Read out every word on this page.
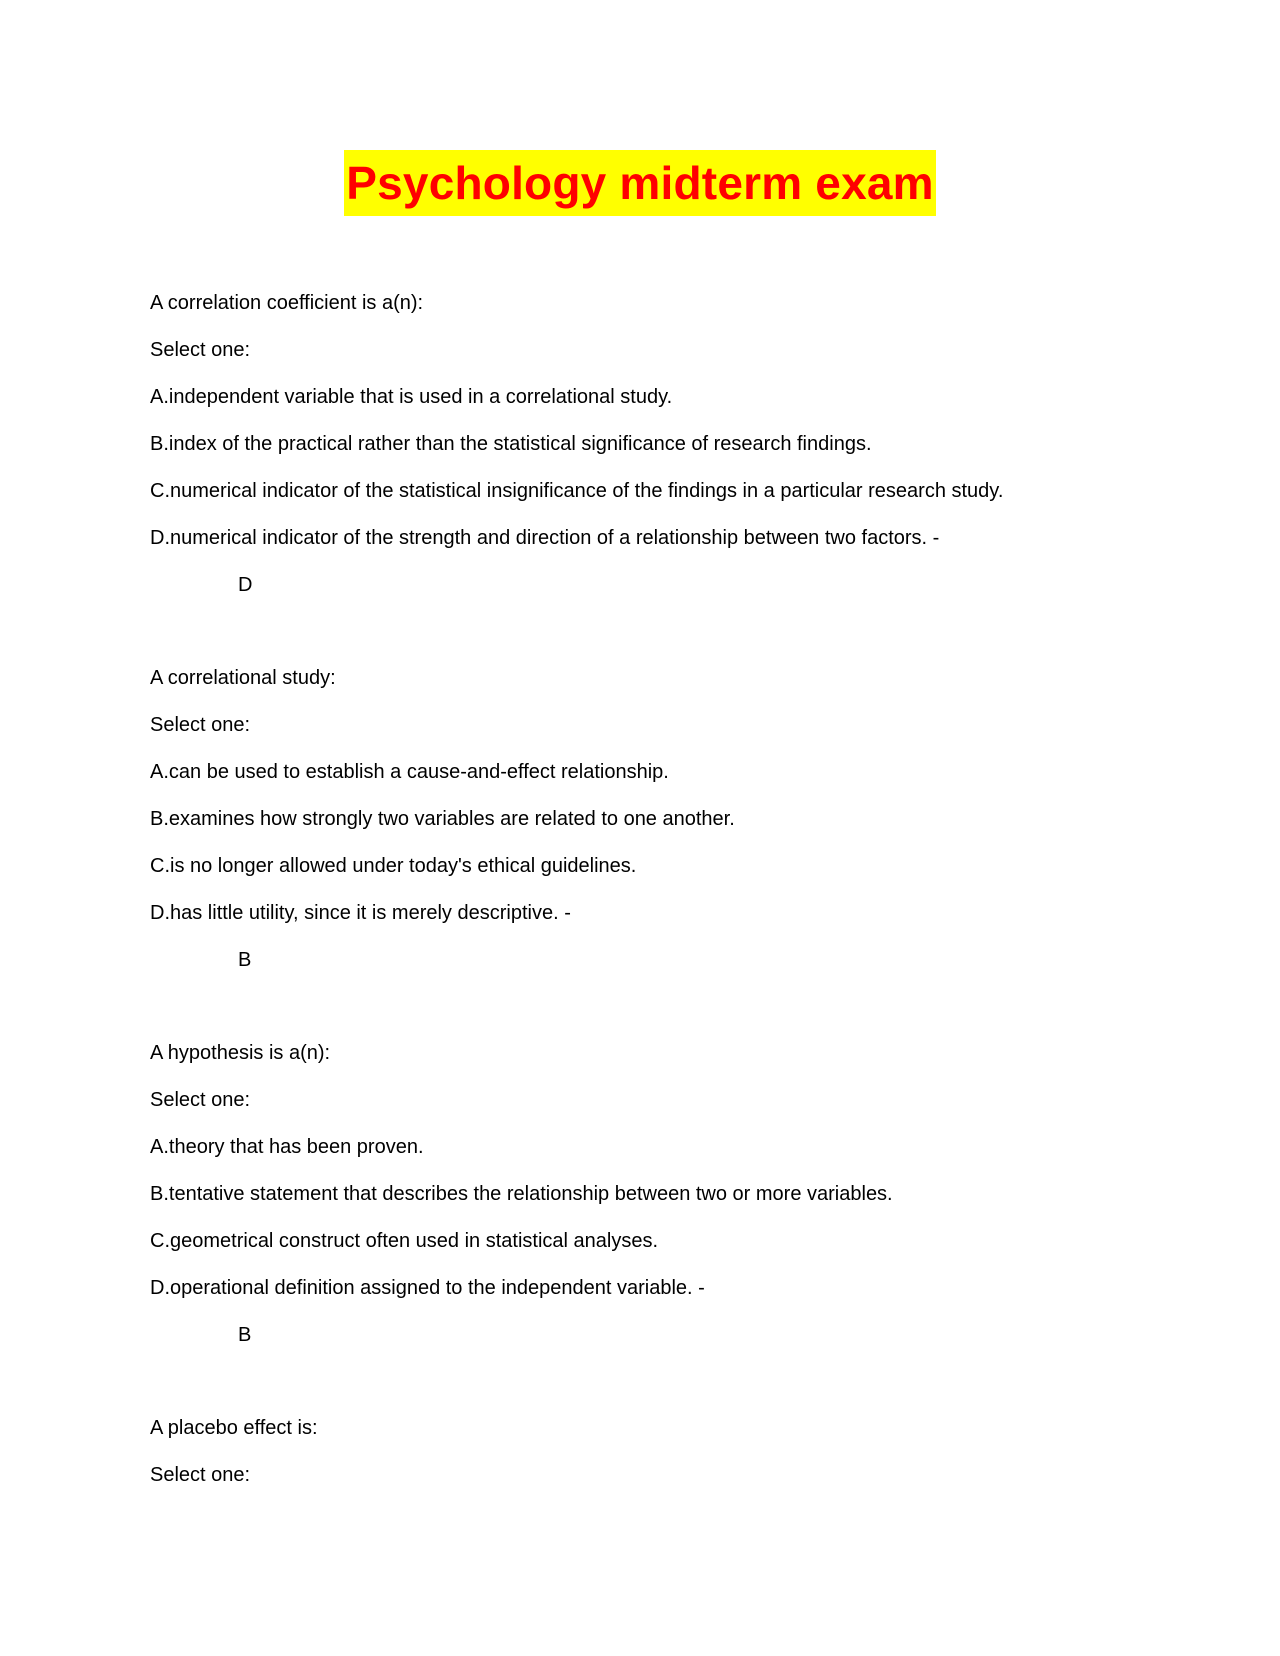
Psychology midterm exam
A correlation coefficient is a(n):
Select one:
A.independent variable that is used in a correlational study.
B.index of the practical rather than the statistical significance of research findings.
C.numerical indicator of the statistical insignificance of the findings in a particular research study.
D.numerical indicator of the strength and direction of a relationship between two factors. -
D
A correlational study:
Select one:
A.can be used to establish a cause-and-effect relationship.
B.examines how strongly two variables are related to one another.
C.is no longer allowed under today's ethical guidelines.
D.has little utility, since it is merely descriptive. -
B
A hypothesis is a(n):
Select one:
A.theory that has been proven.
B.tentative statement that describes the relationship between two or more variables.
C.geometrical construct often used in statistical analyses.
D.operational definition assigned to the independent variable. -
B
A placebo effect is:
Select one:
